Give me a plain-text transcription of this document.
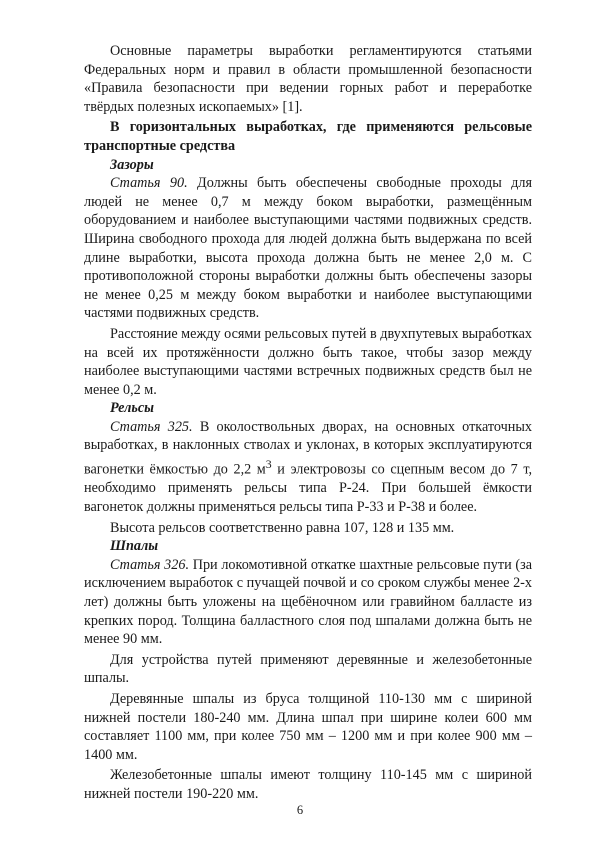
Основные параметры выработки регламентируются статьями Федеральных норм и правил в области промышленной безопасности «Правила безопасности при ведении горных работ и переработке твёрдых полезных ископаемых» [1].

В горизонтальных выработках, где применяются рельсовые транспортные средства

Зазоры

Статья 90. Должны быть обеспечены свободные проходы для людей не менее 0,7 м между боком выработки, размещённым оборудованием и наиболее выступающими частями подвижных средств. Ширина свободного прохода для людей должна быть выдержана по всей длине выработки, высота прохода должна быть не менее 2,0 м. С противоположной стороны выработки должны быть обеспечены зазоры не менее 0,25 м между боком выработки и наиболее выступающими частями подвижных средств.

Расстояние между осями рельсовых путей в двухпутевых выработках на всей их протяжённости должно быть такое, чтобы зазор между наиболее выступающими частями встречных подвижных средств был не менее 0,2 м.

Рельсы

Статья 325. В околоствольных дворах, на основных откаточных выработках, в наклонных стволах и уклонах, в которых эксплуатируются вагонетки ёмкостью до 2,2 $м^3$ и электровозы со сцепным весом до 7 т, необходимо применять рельсы типа Р-24. При большей ёмкости вагонеток должны применяться рельсы типа Р-33 и Р-38 и более.

Высота рельсов соответственно равна 107, 128 и 135 мм.

Шпалы

Статья 326. При локомотивной откатке шахтные рельсовые пути (за исключением выработок с пучащей почвой и со сроком службы менее 2-х лет) должны быть уложены на щебёночном или гравийном балласте из крепких пород. Толщина балластного слоя под шпалами должна быть не менее 90 мм.

Для устройства путей применяют деревянные и железобетонные шпалы.

Деревянные шпалы из бруса толщиной 110-130 мм с шириной нижней постели 180-240 мм. Длина шпал при ширине колеи 600 мм составляет 1100 мм, при колее 750 мм – 1200 мм и при колее 900 мм – 1400 мм.

Железобетонные шпалы имеют толщину 110-145 мм с шириной нижней постели 190-220 мм.

6
